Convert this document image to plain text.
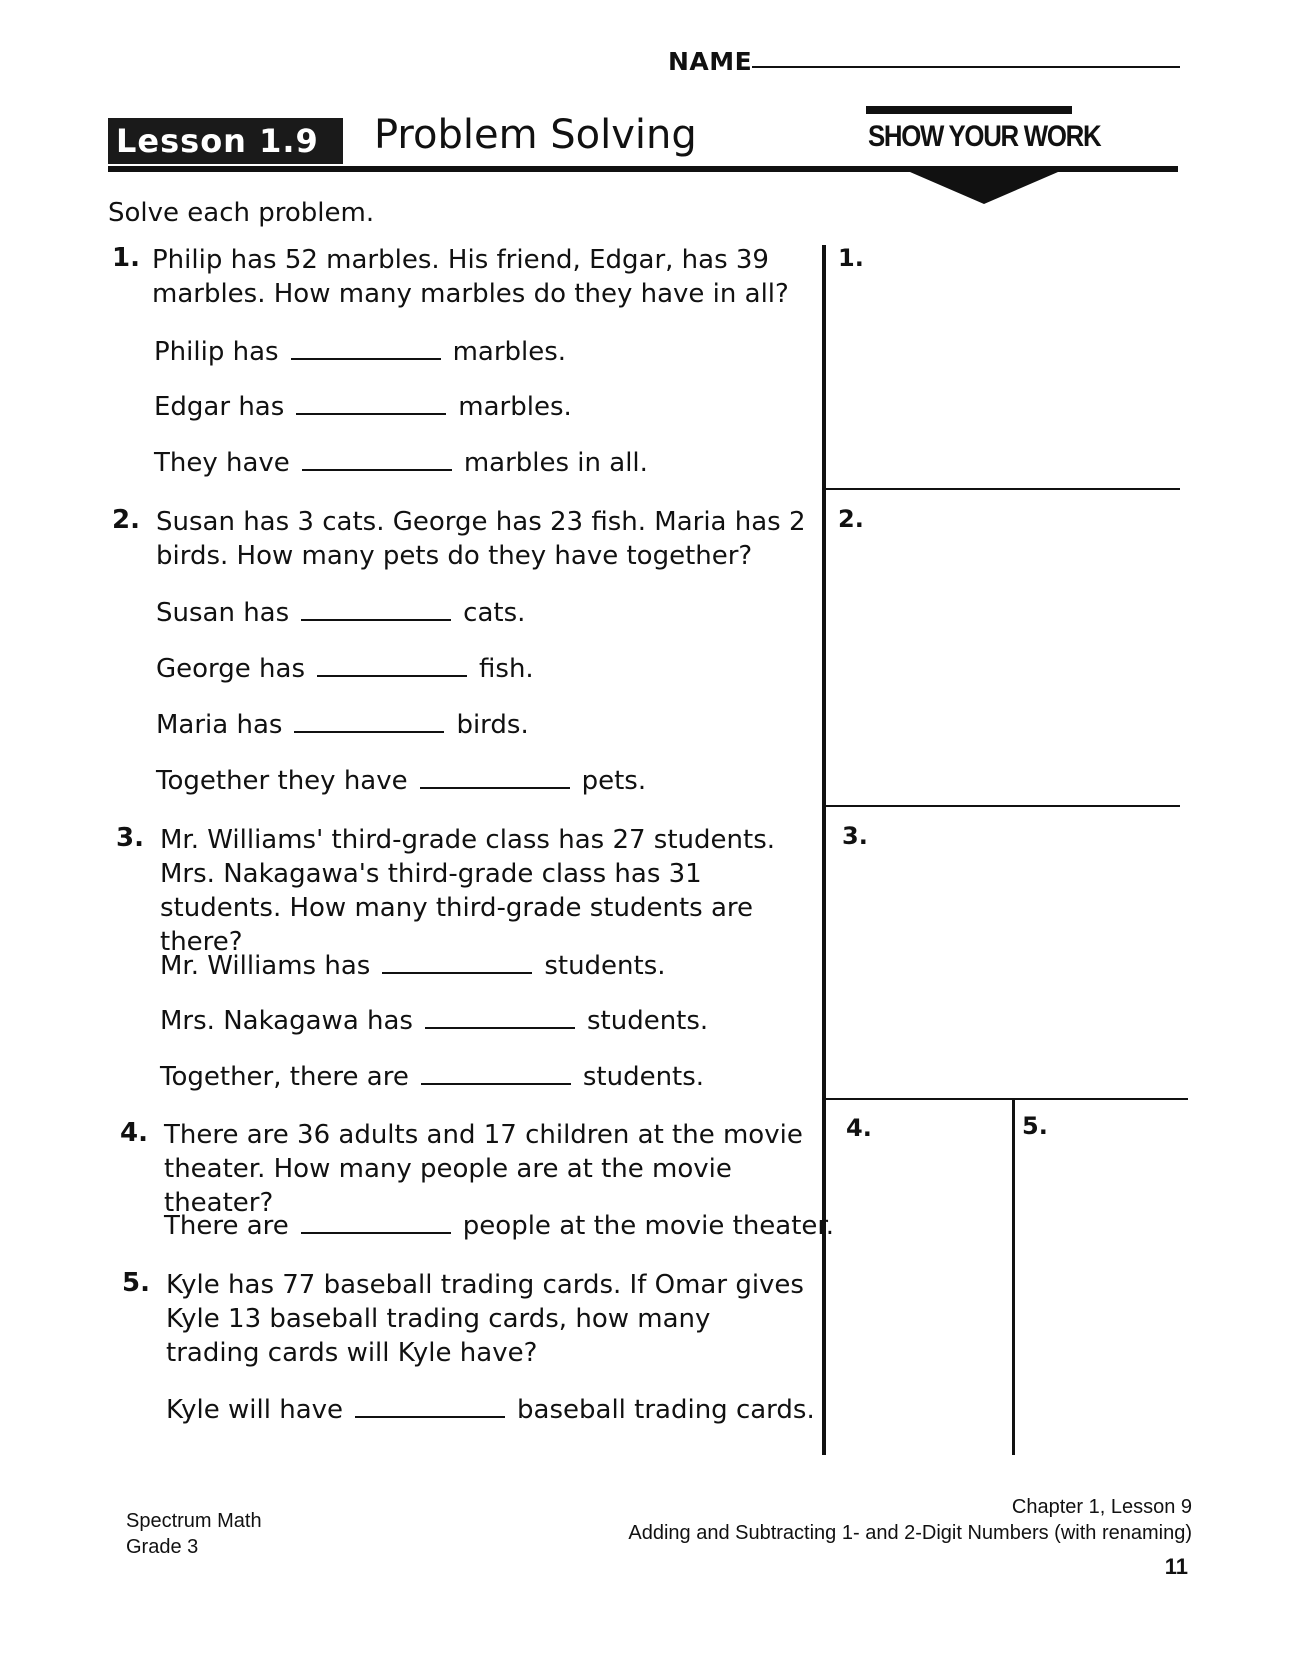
NAME
Lesson 1.9	Problem Solving	SHOW YOUR WORK
Solve each problem.
1. Philip has 52 marbles. His friend, Edgar, has 39 marbles. How many marbles do they have in all?
Philip has	marbles.
Edgar has	marbles.
They have	marbles in all.
2. Susan has 3 cats. George has 23 fish. Maria has 2 birds. How many pets do they have together?
Susan has	cats.
George has	fish.
Maria has	birds.
Together they have	pets.
3. Mr. Williams' third-grade class has 27 students. Mrs. Nakagawa's third-grade class has 31 students. How many third-grade students are there?
Mr. Williams has	students.
Mrs. Nakagawa has	students.
Together, there are	students.
4. There are 36 adults and 17 children at the movie theater. How many people are at the movie theater?
There are	people at the movie theater.
5. Kyle has 77 baseball trading cards. If Omar gives Kyle 13 baseball trading cards, how many trading cards will Kyle have?
Kyle will have	baseball trading cards.
1.
2.
3.
4.	5.
Spectrum Math
Grade 3
Chapter 1, Lesson 9
Adding and Subtracting 1- and 2-Digit Numbers (with renaming)
11
